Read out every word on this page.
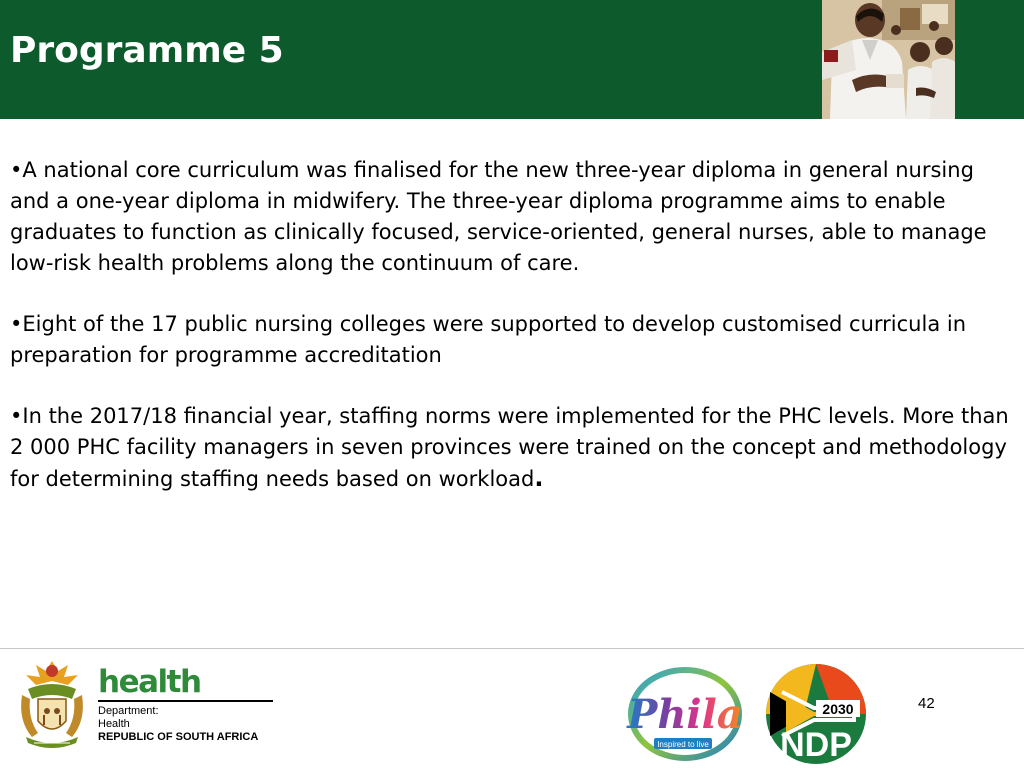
Programme 5

•A national core curriculum was finalised for the new three-year diploma in general nursing and a one-year diploma in midwifery. The three-year diploma programme aims to enable graduates to function as clinically focused, service-oriented, general nurses, able to manage low-risk health problems along the continuum of care.

•Eight of the 17 public nursing colleges were supported to develop customised curricula in preparation for programme accreditation

•In the 2017/18 financial year, staffing norms were implemented for the PHC levels. More than 2 000 PHC facility managers in seven provinces were trained on the concept and methodology for determining staffing needs based on workload.

health
Department:
Health
REPUBLIC OF SOUTH AFRICA	Phila
Inspired to live
2030
NDP
42
